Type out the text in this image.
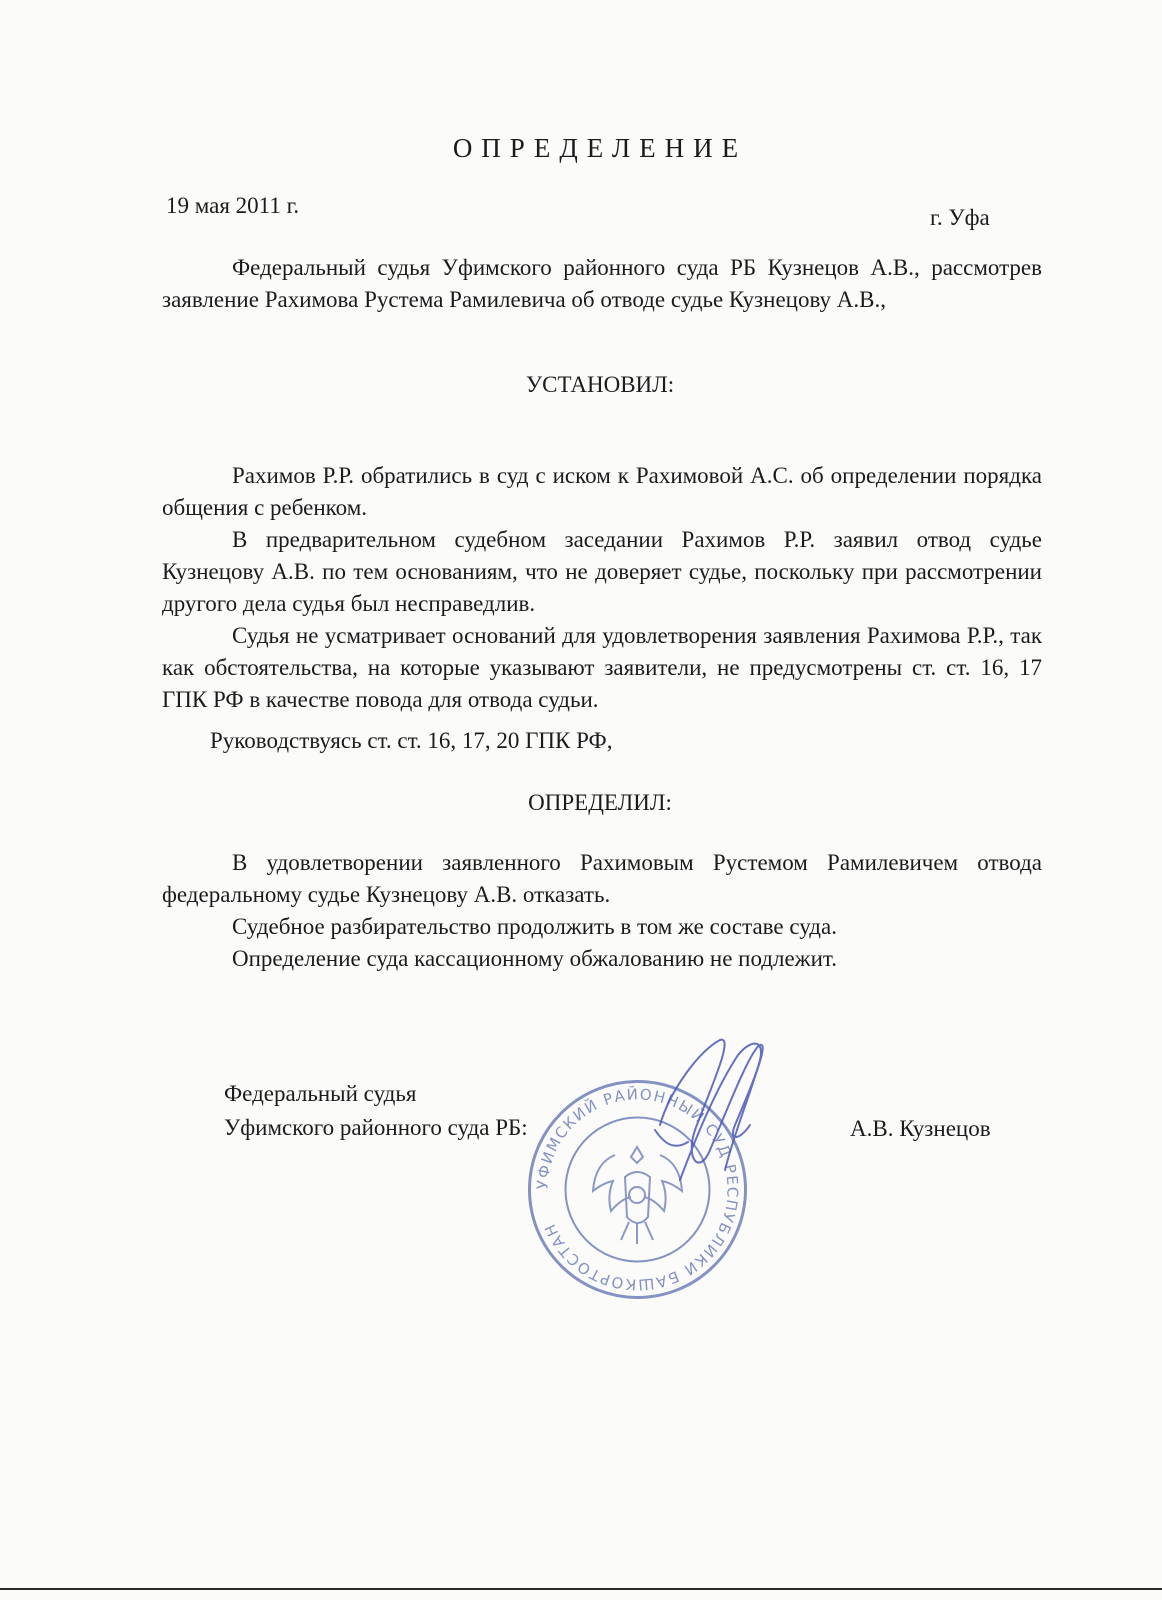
ОПРЕДЕЛЕНИЕ
19 мая 2011 г.	г. Уфа

Федеральный судья Уфимского районного суда РБ Кузнецов А.В., рассмотрев заявление Рахимова Рустема Рамилевича об отводе судье Кузнецову А.В.,

УСТАНОВИЛ:

Рахимов Р.Р. обратились в суд с иском к Рахимовой А.С. об определении порядка общения с ребенком.

В предварительном судебном заседании Рахимов Р.Р. заявил отвод судье Кузнецову А.В. по тем основаниям, что не доверяет судье, поскольку при рассмотрении другого дела судья был несправедлив.

Судья не усматривает оснований для удовлетворения заявления Рахимова Р.Р., так как обстоятельства, на которые указывают заявители, не предусмотрены ст. ст. 16, 17 ГПК РФ в качестве повода для отвода судьи.

Руководствуясь ст. ст. 16, 17, 20 ГПК РФ,

ОПРЕДЕЛИЛ:

В удовлетворении заявленного Рахимовым Рустемом Рамилевичем отвода федеральному судье Кузнецову А.В. отказать.

Судебное разбирательство продолжить в том же составе суда.

Определение суда кассационному обжалованию не подлежит.

Федеральный судья
Уфимского районного суда РБ:	А.В. Кузнецов
УФИМСКИЙ РАЙОННЫЙ СУД РЕСПУБЛИКИ БАШКОРТОСТАН
